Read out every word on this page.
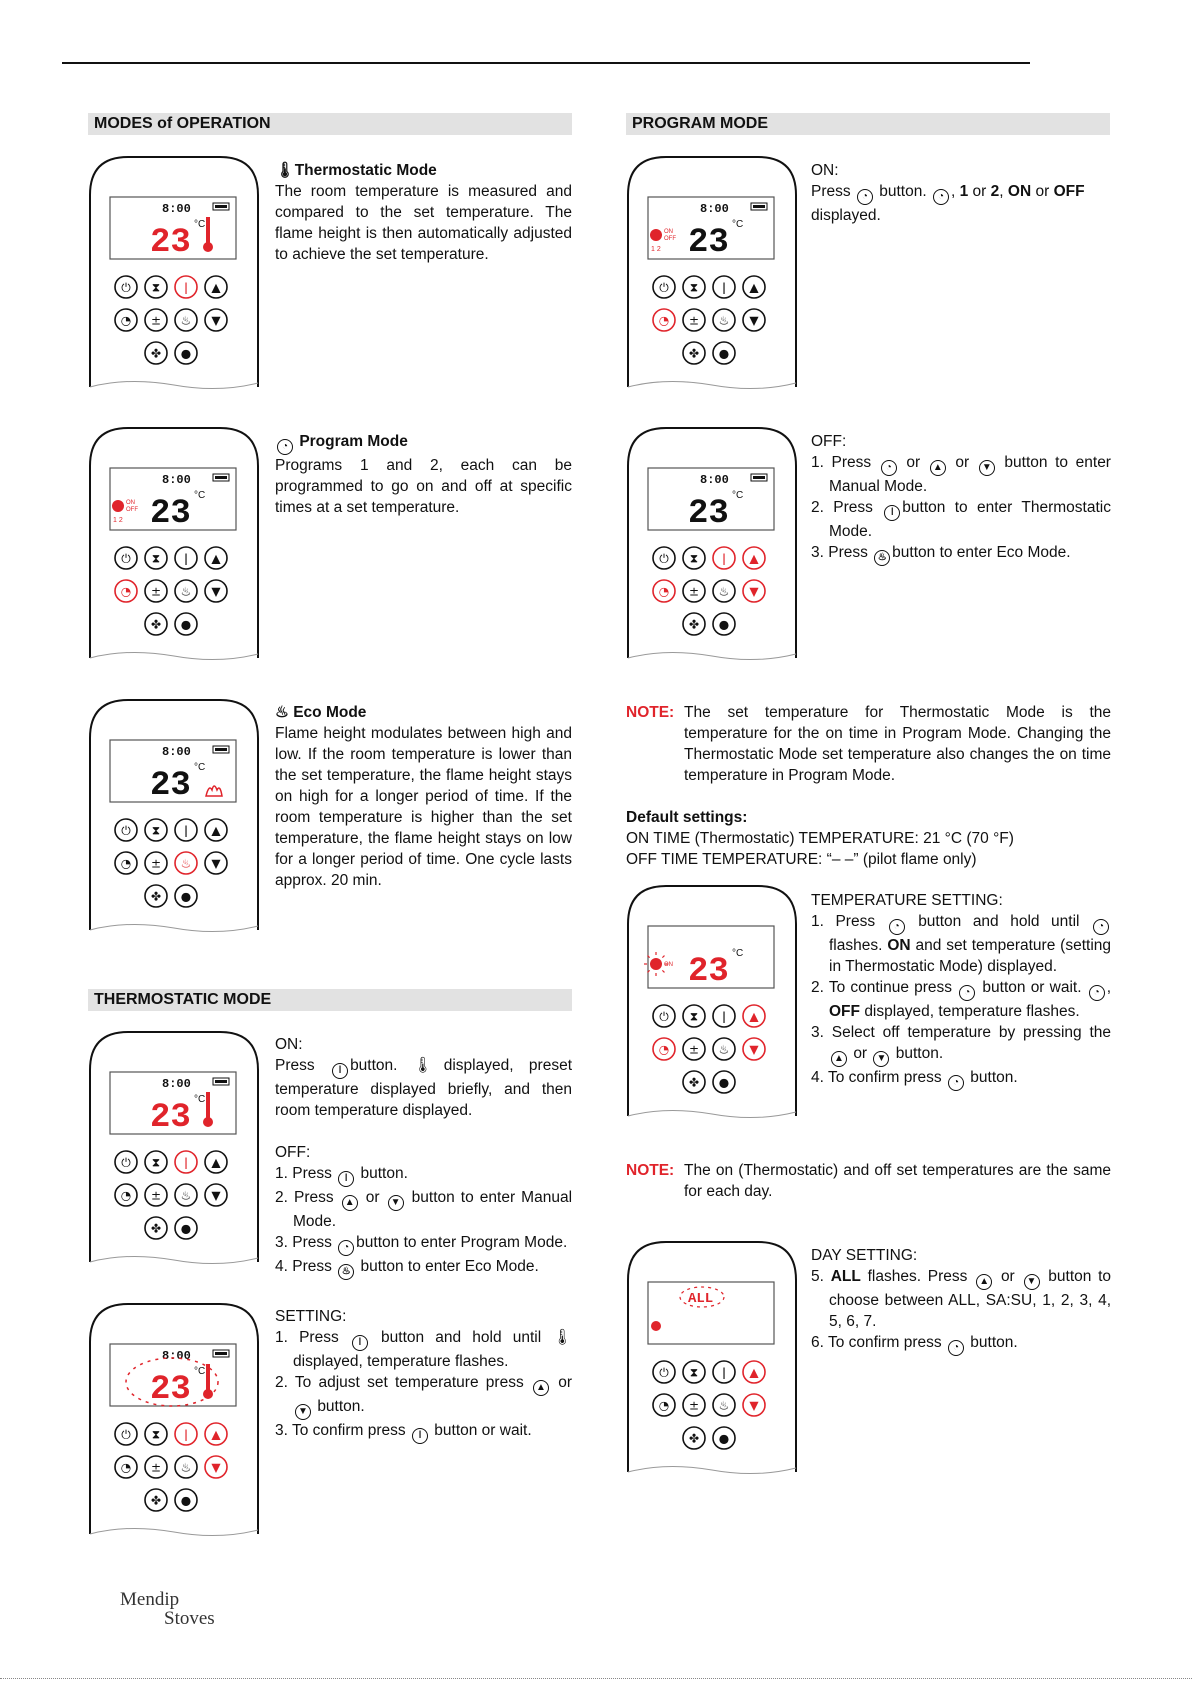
MODES of OPERATION	PROGRAM MODE
THERMOSTATIC MODE
8:00
23 °C
⏻ ⧗ ǀ ▲
◔ ± ♨ ▼
✤ ●
8:00
23 °C
ON
OFF
1 2
⏻ ⧗ ǀ ▲
◔ ± ♨ ▼
✤ ●
8:00
23 °C
⏻ ⧗ ǀ ▲
◔ ± ♨ ▼
✤ ●
8:00
23 °C
⏻ ⧗ ǀ ▲
◔ ± ♨ ▼
✤ ●
8:00
23 °C
⏻ ⧗ ǀ ▲
◔ ± ♨ ▼
✤ ●
8:00
23 °C
ON
OFF
1 2
⏻ ⧗ ǀ ▲
◔ ± ♨ ▼
✤ ●
8:00
23 °C
⏻ ⧗ ǀ ▲
◔ ± ♨ ▼
✤ ●
23 °C
ON
⏻ ⧗ ǀ ▲
◔ ± ♨ ▼
✤ ●
ALL
⏻ ⧗ ǀ ▲
◔ ± ♨ ▼
✤ ●

🌡Thermostatic Mode

The room temperature is measured and compared to the set temperature. The flame height is then automatically adjusted to achieve the set temperature.

◔ Program Mode

Programs 1 and 2, each can be programmed to go on and off at specific times at a set temperature.

♨ Eco Mode

Flame height modulates between high and low. If the room temperature is lower than the set temperature, the flame height stays on high for a longer period of time. If the room temperature is higher than the set temperature, the flame height stays on low for a longer period of time. One cycle lasts approx. 20 min.

ON:

Press ǀ button. 🌡displayed, preset temperature displayed briefly, and then room temperature displayed.

OFF:

1. Press ǀ button.
2. Press ▲ or ▼ button to enter Manual Mode.
3. Press ◔ button to enter Program Mode.
4. Press ♨ button to enter Eco Mode.

SETTING:

1. Press ǀ button and hold until 🌡 displayed, temperature flashes.
2. To adjust set temperature press ▲ or ▼ button.
3. To confirm press ǀ button or wait.

ON:

Press ◔ button. ◔ , 1 or 2, ON or OFF
displayed.

OFF:

1. Press ◔ or ▲ or ▼ button to enter Manual Mode.
2. Press ǀ button to enter Thermostatic Mode.
3. Press ♨ button to enter Eco Mode.
NOTE: The set temperature for Thermostatic Mode is the temperature for the on time in Program Mode. Changing the Thermostatic Mode set temperature also changes the on time temperature in Program Mode.

Default settings:

ON TIME (Thermostatic) TEMPERATURE: 21 °C (70 °F)

OFF TIME TEMPERATURE: “– –” (pilot flame only)

TEMPERATURE SETTING:

1. Press ◔ button and hold until ◔ flashes. ON and set temperature (setting in Thermostatic Mode) displayed.
2. To continue press ◔ button or wait. ◔ , OFF displayed, temperature flashes.
3. Select off temperature by pressing the ▲ or ▼ button.
4. To confirm press ◔ button.
NOTE: The on (Thermostatic) and off set temperatures are the same for each day.

DAY SETTING:

5. ALL flashes. Press ▲ or ▼ button to choose between ALL, SA:SU, 1, 2, 3, 4, 5, 6, 7.
6. To confirm press ◔ button.
Mendip
Stoves
